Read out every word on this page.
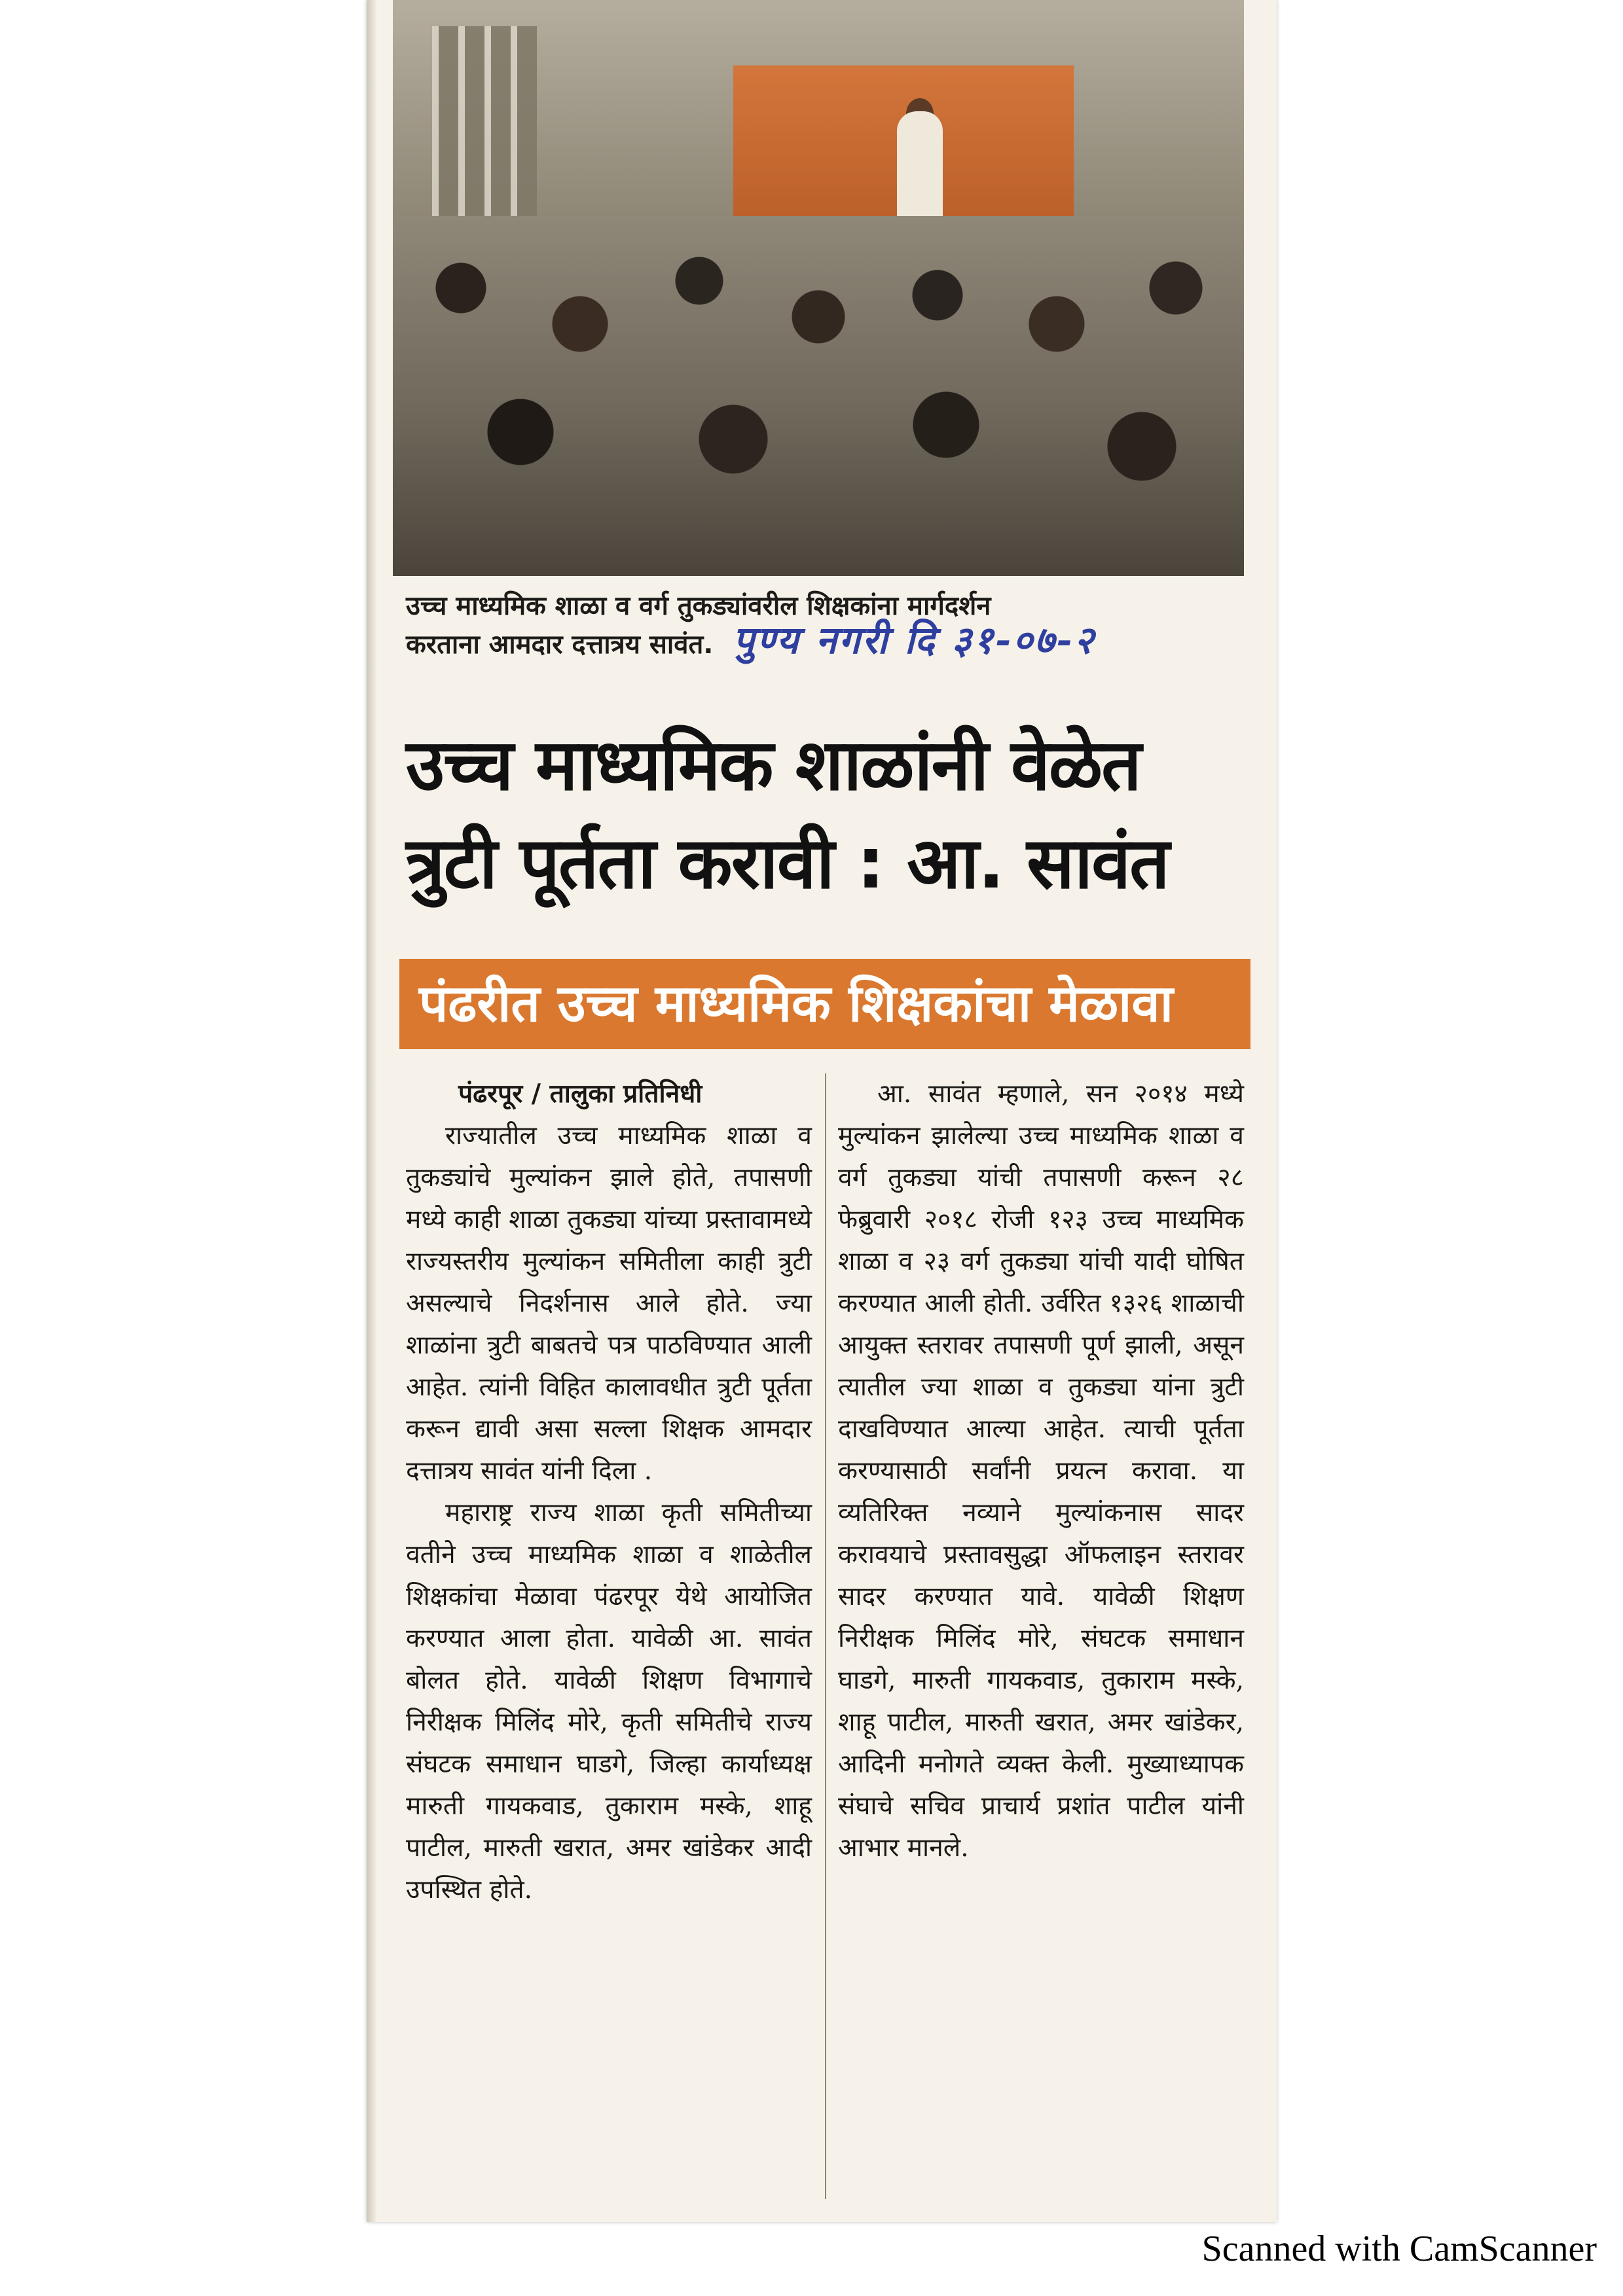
उच्च माध्यमिक शाळा व वर्ग तुकड्यांवरील शिक्षकांना मार्गदर्शन
करताना आमदार दत्तात्रय सावंत. पुण्य नगरी दि ३१-०७-२
उच्च माध्यमिक शाळांनी वेळेत
त्रुटी पूर्तता करावी : आ. सावंत
पंढरीत उच्च माध्यमिक शिक्षकांचा मेळावा
पंढरपूर / तालुका प्रतिनिधी

राज्यातील उच्च माध्यमिक शाळा व तुकड्यांचे मुल्यांकन झाले होते, तपासणी मध्ये काही शाळा तुकड्या यांच्या प्रस्तावामध्ये राज्यस्तरीय मुल्यांकन समितीला काही त्रुटी असल्याचे निदर्शनास आले होते. ज्या शाळांना त्रुटी बाबतचे पत्र पाठविण्यात आली आहेत. त्यांनी विहित कालावधीत त्रुटी पूर्तता करून द्यावी असा सल्ला शिक्षक आमदार दत्तात्रय सावंत यांनी दिला .

महाराष्ट्र राज्य शाळा कृती समितीच्या वतीने उच्च माध्यमिक शाळा व शाळेतील शिक्षकांचा मेळावा पंढरपूर येथे आयोजित करण्यात आला होता. यावेळी आ. सावंत बोलत होते. यावेळी शिक्षण विभागाचे निरीक्षक मिलिंद मोरे, कृती समितीचे राज्य संघटक समाधान घाडगे, जिल्हा कार्याध्यक्ष मारुती गायकवाड, तुकाराम मस्के, शाहू पाटील, मारुती खरात, अमर खांडेकर आदी उपस्थित होते.

आ. सावंत म्हणाले, सन २०१४ मध्ये मुल्यांकन झालेल्या उच्च माध्यमिक शाळा व वर्ग तुकड्या यांची तपासणी करून २८ फेब्रुवारी २०१८ रोजी १२३ उच्च माध्यमिक शाळा व २३ वर्ग तुकड्या यांची यादी घोषित करण्यात आली होती. उर्वरित १३२६ शाळाची आयुक्त स्तरावर तपासणी पूर्ण झाली, असून त्यातील ज्या शाळा व तुकड्या यांना त्रुटी दाखविण्यात आल्या आहेत. त्याची पूर्तता करण्यासाठी सर्वांनी प्रयत्न करावा. या व्यतिरिक्त नव्याने मुल्यांकनास सादर करावयाचे प्रस्तावसुद्धा ऑफलाइन स्तरावर सादर करण्यात यावे. यावेळी शिक्षण निरीक्षक मिलिंद मोरे, संघटक समाधान घाडगे, मारुती गायकवाड, तुकाराम मस्के, शाहू पाटील, मारुती खरात, अमर खांडेकर, आदिनी मनोगते व्यक्त केली. मुख्याध्यापक संघाचे सचिव प्राचार्य प्रशांत पाटील यांनी आभार मानले.

Scanned with CamScanner
